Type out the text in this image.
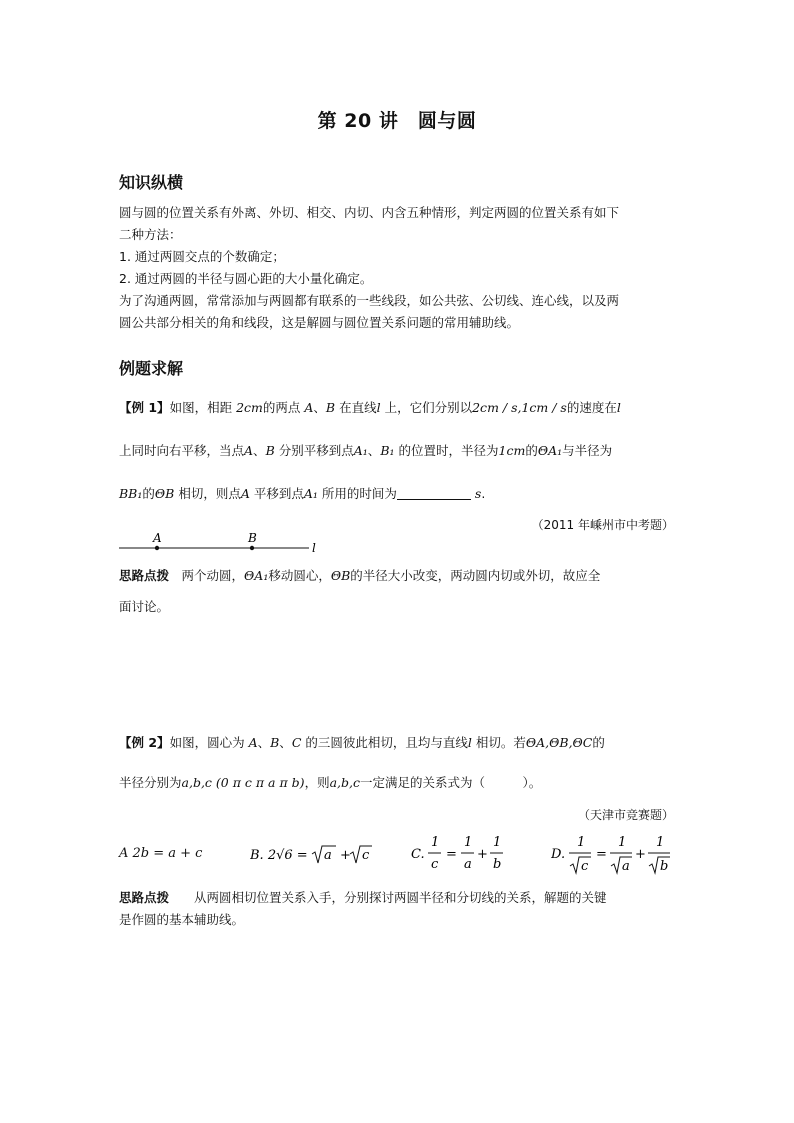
第 20 讲　圆与圆
知识纵横
圆与圆的位置关系有外离、外切、相交、内切、内含五种情形，判定两圆的位置关系有如下
二种方法：
1. 通过两圆交点的个数确定；
2. 通过两圆的半径与圆心距的大小量化确定。
为了沟通两圆，常常添加与两圆都有联系的一些线段，如公共弦、公切线、连心线，以及两
圆公共部分相关的角和线段，这是解圆与圆位置关系问题的常用辅助线。
例题求解
【例 1】如图，相距 2cm的两点 A、B 在直线l 上，它们分别以2cm / s,1cm / s的速度在l
上同时向右平移，当点A、B 分别平移到点A₁、B₁ 的位置时，半径为1cm的ΘA₁与半径为
BB₁的ΘB 相切，则点A 平移到点A₁ 所用的时间为	s.
（2011 年嵊州市中考题）
A	B
l
思路点拨　 两个动圆，ΘA₁移动圆心，ΘB的半径大小改变，两动圆内切或外切，故应全
面讨论。
【例 2】如图，圆心为 A、B、C 的三圆彼此相切，且均与直线l 相切。若ΘA,ΘB,ΘC的
半径分别为a,b,c (0 π c π a π b)，则a,b,c一定满足的关系式为（　　　）。
（天津市竞赛题）
A 2b = a + c	B. 2√6 = a + c	C.
1
c
=
1
a
+
1
b
D.
1
c
=
1
a
+
1
b
思路点拨　　 从两圆相切位置关系入手，分别探讨两圆半径和分切线的关系，解题的关键
是作圆的基本辅助线。
